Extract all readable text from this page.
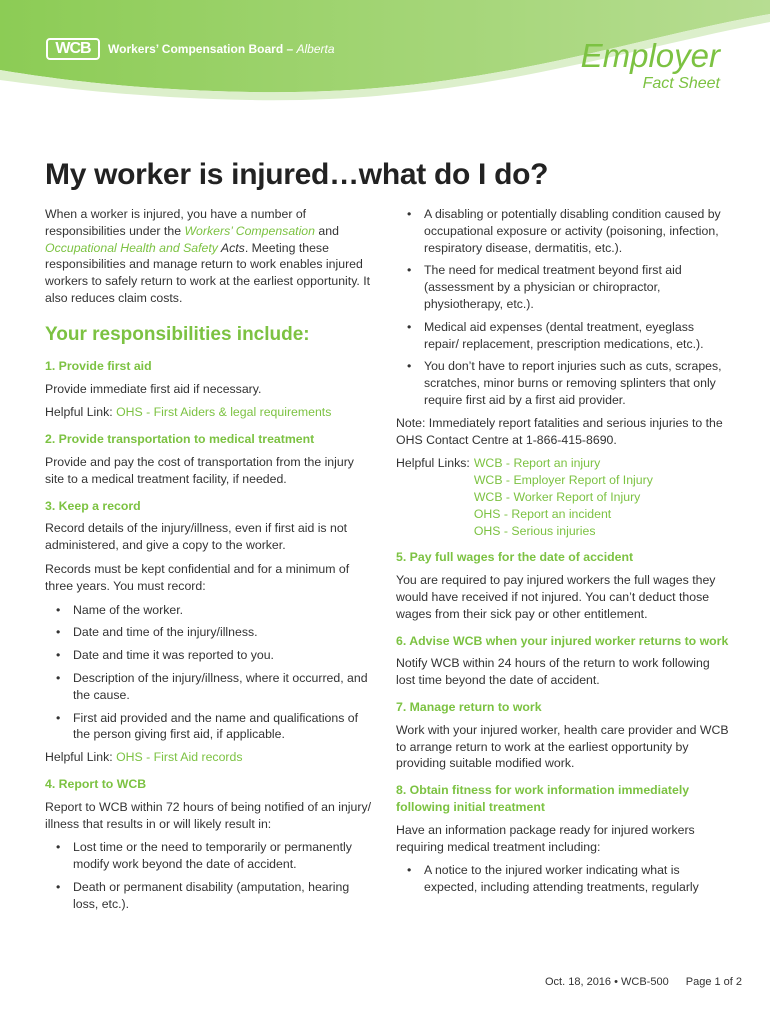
WCB	Workers’ Compensation Board – Alberta	Employer
Fact Sheet
My worker is injured…what do I do?

When a worker is injured, you have a number of responsibilities under the Workers’ Compensation and Occupational Health and Safety Acts. Meeting these responsibilities and manage return to work enables injured workers to safely return to work at the earliest opportunity. It also reduces claim costs.

Your responsibilities include:
1. Provide first aid

Provide immediate first aid if necessary.

Helpful Link: OHS - First Aiders & legal requirements

2. Provide transportation to medical treatment

Provide and pay the cost of transportation from the injury site to a medical treatment facility, if needed.

3. Keep a record

Record details of the injury/illness, even if first aid is not administered, and give a copy to the worker.

Records must be kept confidential and for a minimum of three years. You must record:

• Name of the worker.
• Date and time of the injury/illness.
• Date and time it was reported to you.
• Description of the injury/illness, where it occurred, and the cause.
• First aid provided and the name and qualifications of the person giving first aid, if applicable.

Helpful Link: OHS - First Aid records

4. Report to WCB

Report to WCB within 72 hours of being notified of an injury/ illness that results in or will likely result in:

• Lost time or the need to temporarily or permanently modify work beyond the date of accident.
• Death or permanent disability (amputation, hearing loss, etc.).
• A disabling or potentially disabling condition caused by occupational exposure or activity (poisoning, infection, respiratory disease, dermatitis, etc.).
• The need for medical treatment beyond first aid (assessment by a physician or chiropractor, physiotherapy, etc.).
• Medical aid expenses (dental treatment, eyeglass repair/ replacement, prescription medications, etc.).
• You don’t have to report injuries such as cuts, scrapes, scratches, minor burns or removing splinters that only require first aid by a first aid provider.

Note: Immediately report fatalities and serious injuries to the OHS Contact Centre at 1-866-415-8690.

Helpful Links: WCB - Report an injury
WCB - Employer Report of Injury
WCB - Worker Report of Injury
OHS - Report an incident
OHS - Serious injuries
5. Pay full wages for the date of accident

You are required to pay injured workers the full wages they would have received if not injured. You can’t deduct those wages from their sick pay or other entitlement.

6. Advise WCB when your injured worker returns to work

Notify WCB within 24 hours of the return to work following lost time beyond the date of accident.

7. Manage return to work

Work with your injured worker, health care provider and WCB to arrange return to work at the earliest opportunity by providing suitable modified work.

8. Obtain fitness for work information immediately following initial treatment

Have an information package ready for injured workers requiring medical treatment including:

• A notice to the injured worker indicating what is expected, including attending treatments, regularly
Oct. 18, 2016 • WCB-500 Page 1 of 2
